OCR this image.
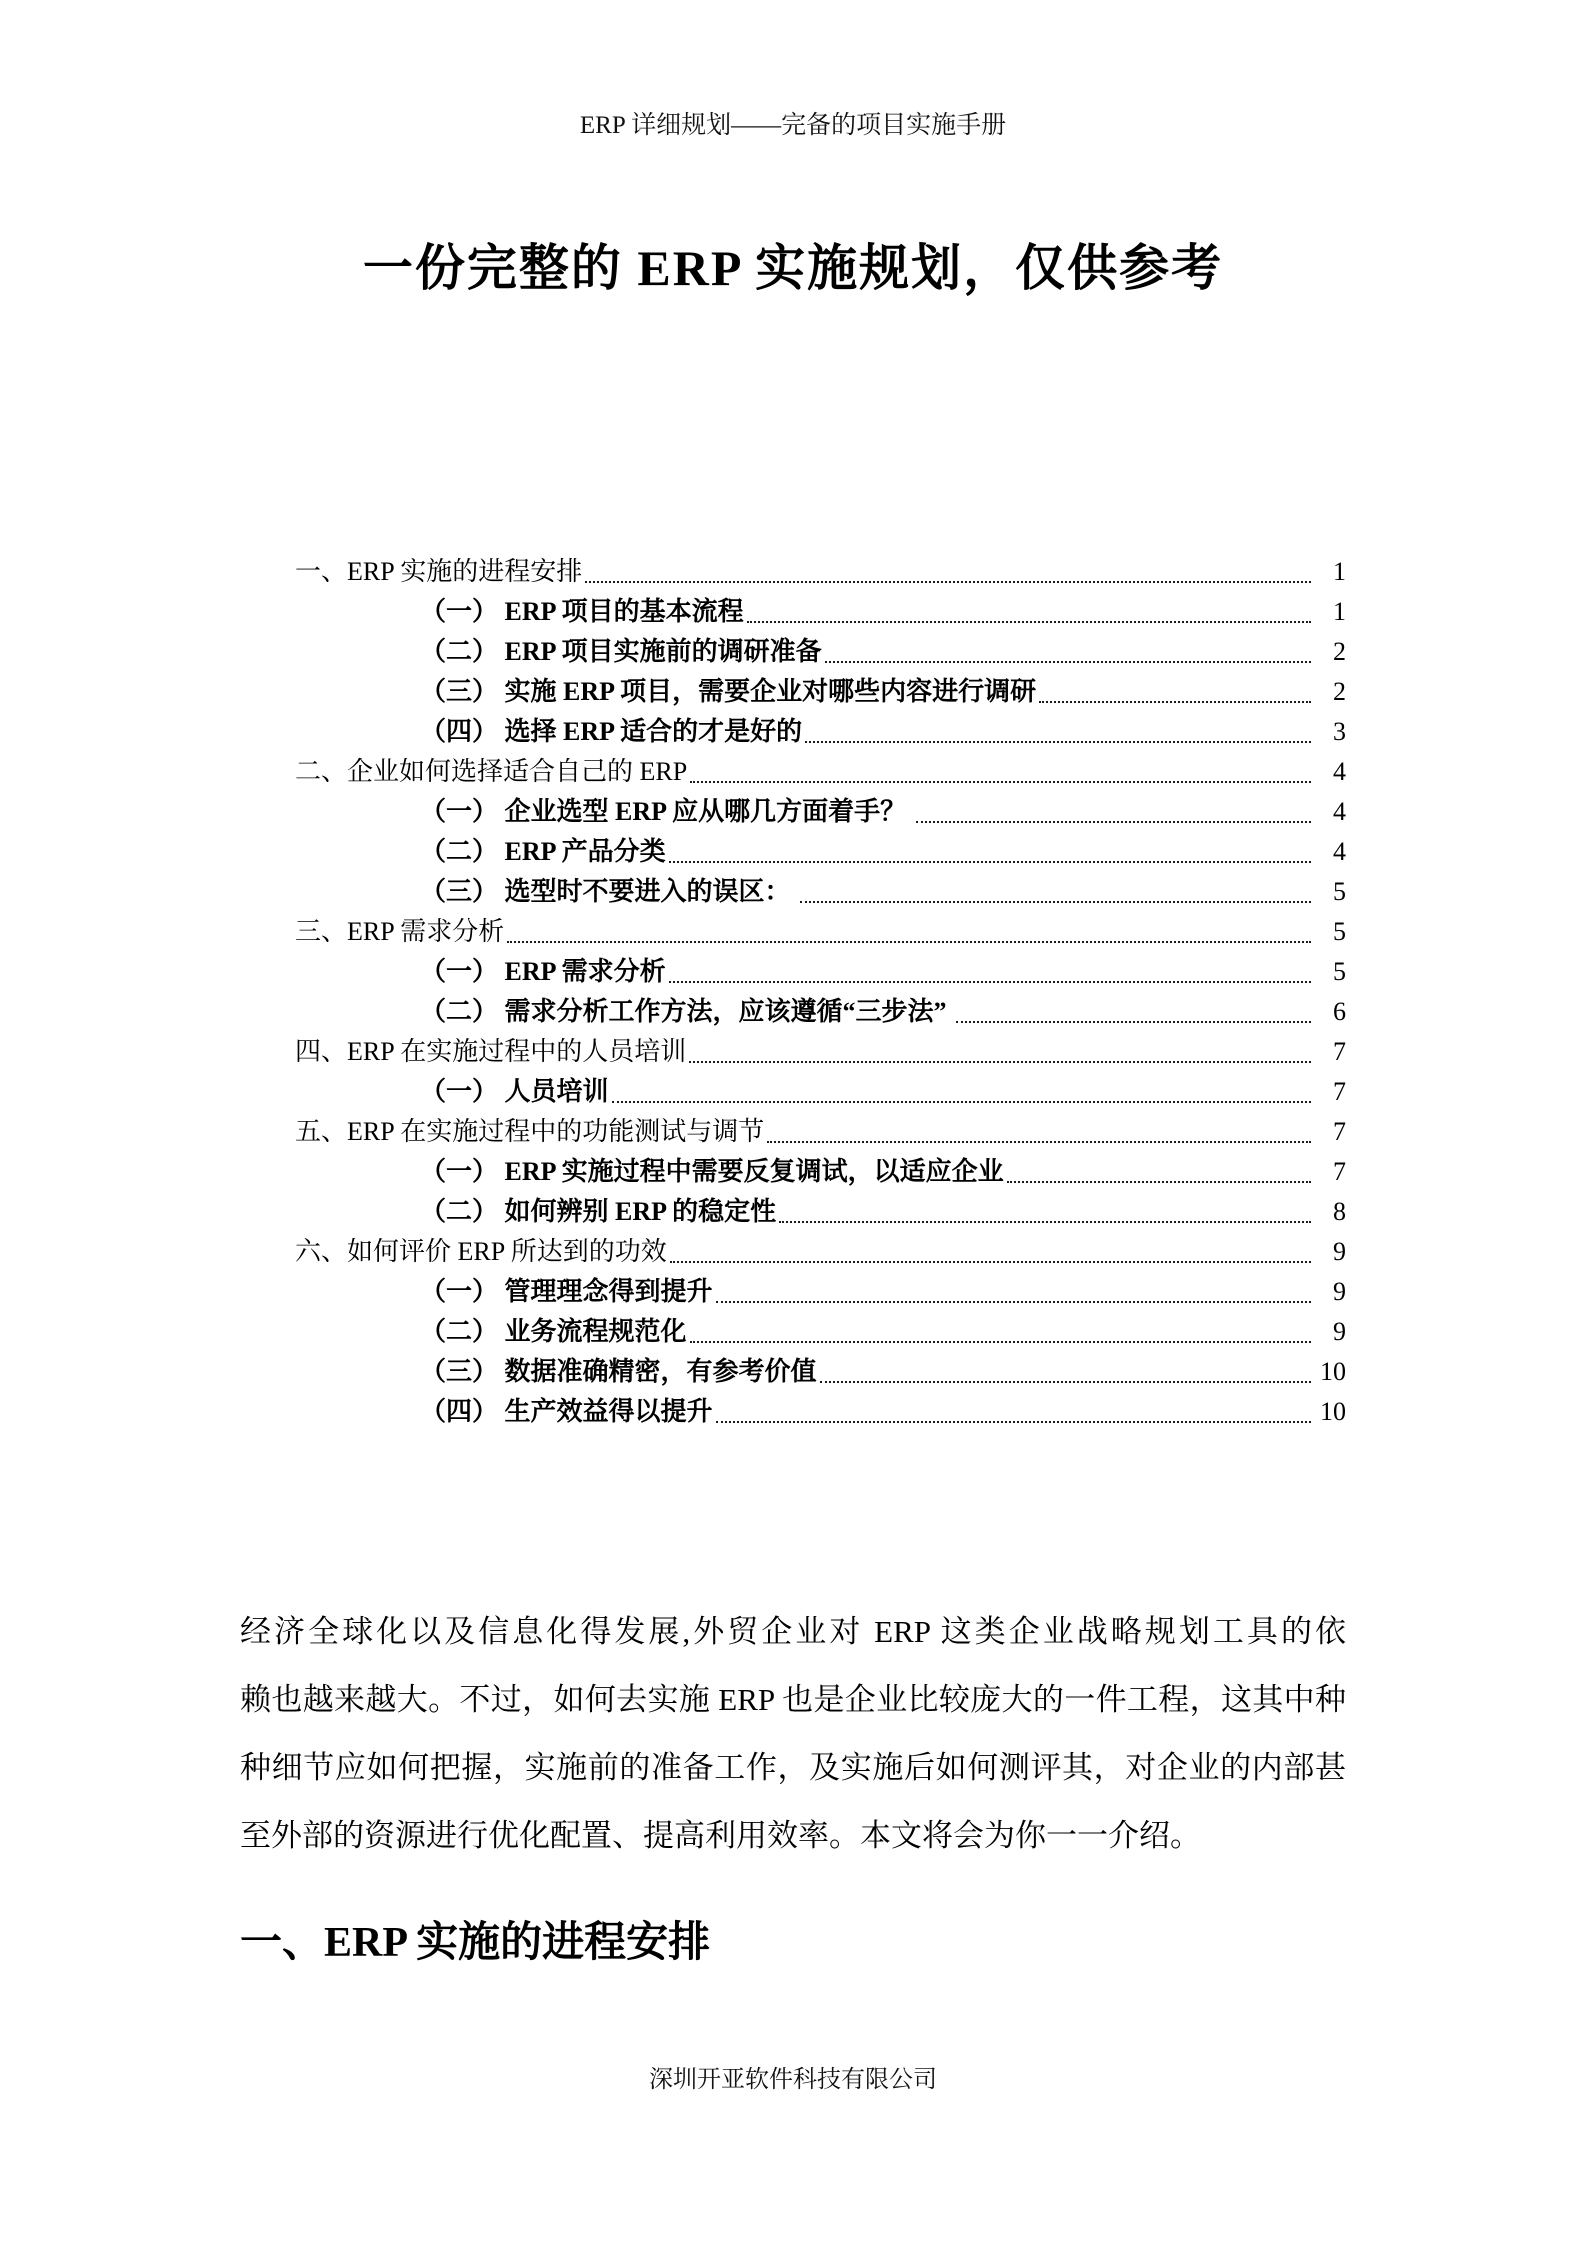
ERP 详细规划——完备的项目实施手册
一份完整的 ERP 实施规划，仅供参考
一、ERP 实施的进程安排	1
（一） ERP 项目的基本流程	1
（二） ERP 项目实施前的调研准备	2
（三） 实施 ERP 项目，需要企业对哪些内容进行调研	2
（四） 选择 ERP 适合的才是好的	3
二、企业如何选择适合自己的 ERP	4
（一） 企业选型 ERP 应从哪几方面着手？	4
（二） ERP 产品分类	4
（三） 选型时不要进入的误区：	5
三、ERP 需求分析	5
（一） ERP 需求分析	5
（二） 需求分析工作方法，应该遵循“三步法”	6
四、ERP 在实施过程中的人员培训	7
（一） 人员培训	7
五、ERP 在实施过程中的功能测试与调节	7
（一） ERP 实施过程中需要反复调试，以适应企业	7
（二） 如何辨别 ERP 的稳定性	8
六、如何评价 ERP 所达到的功效	9
（一） 管理理念得到提升	9
（二） 业务流程规范化	9
（三） 数据准确精密，有参考价值	10
（四） 生产效益得以提升	10
经济全球化以及信息化得发展,外贸企业对 ERP 这类企业战略规划工具的依
赖也越来越大。不过，如何去实施 ERP 也是企业比较庞大的一件工程，这其中种
种细节应如何把握，实施前的准备工作，及实施后如何测评其，对企业的内部甚
至外部的资源进行优化配置、提高利用效率。本文将会为你一一介绍。
一、ERP 实施的进程安排
深圳开亚软件科技有限公司
